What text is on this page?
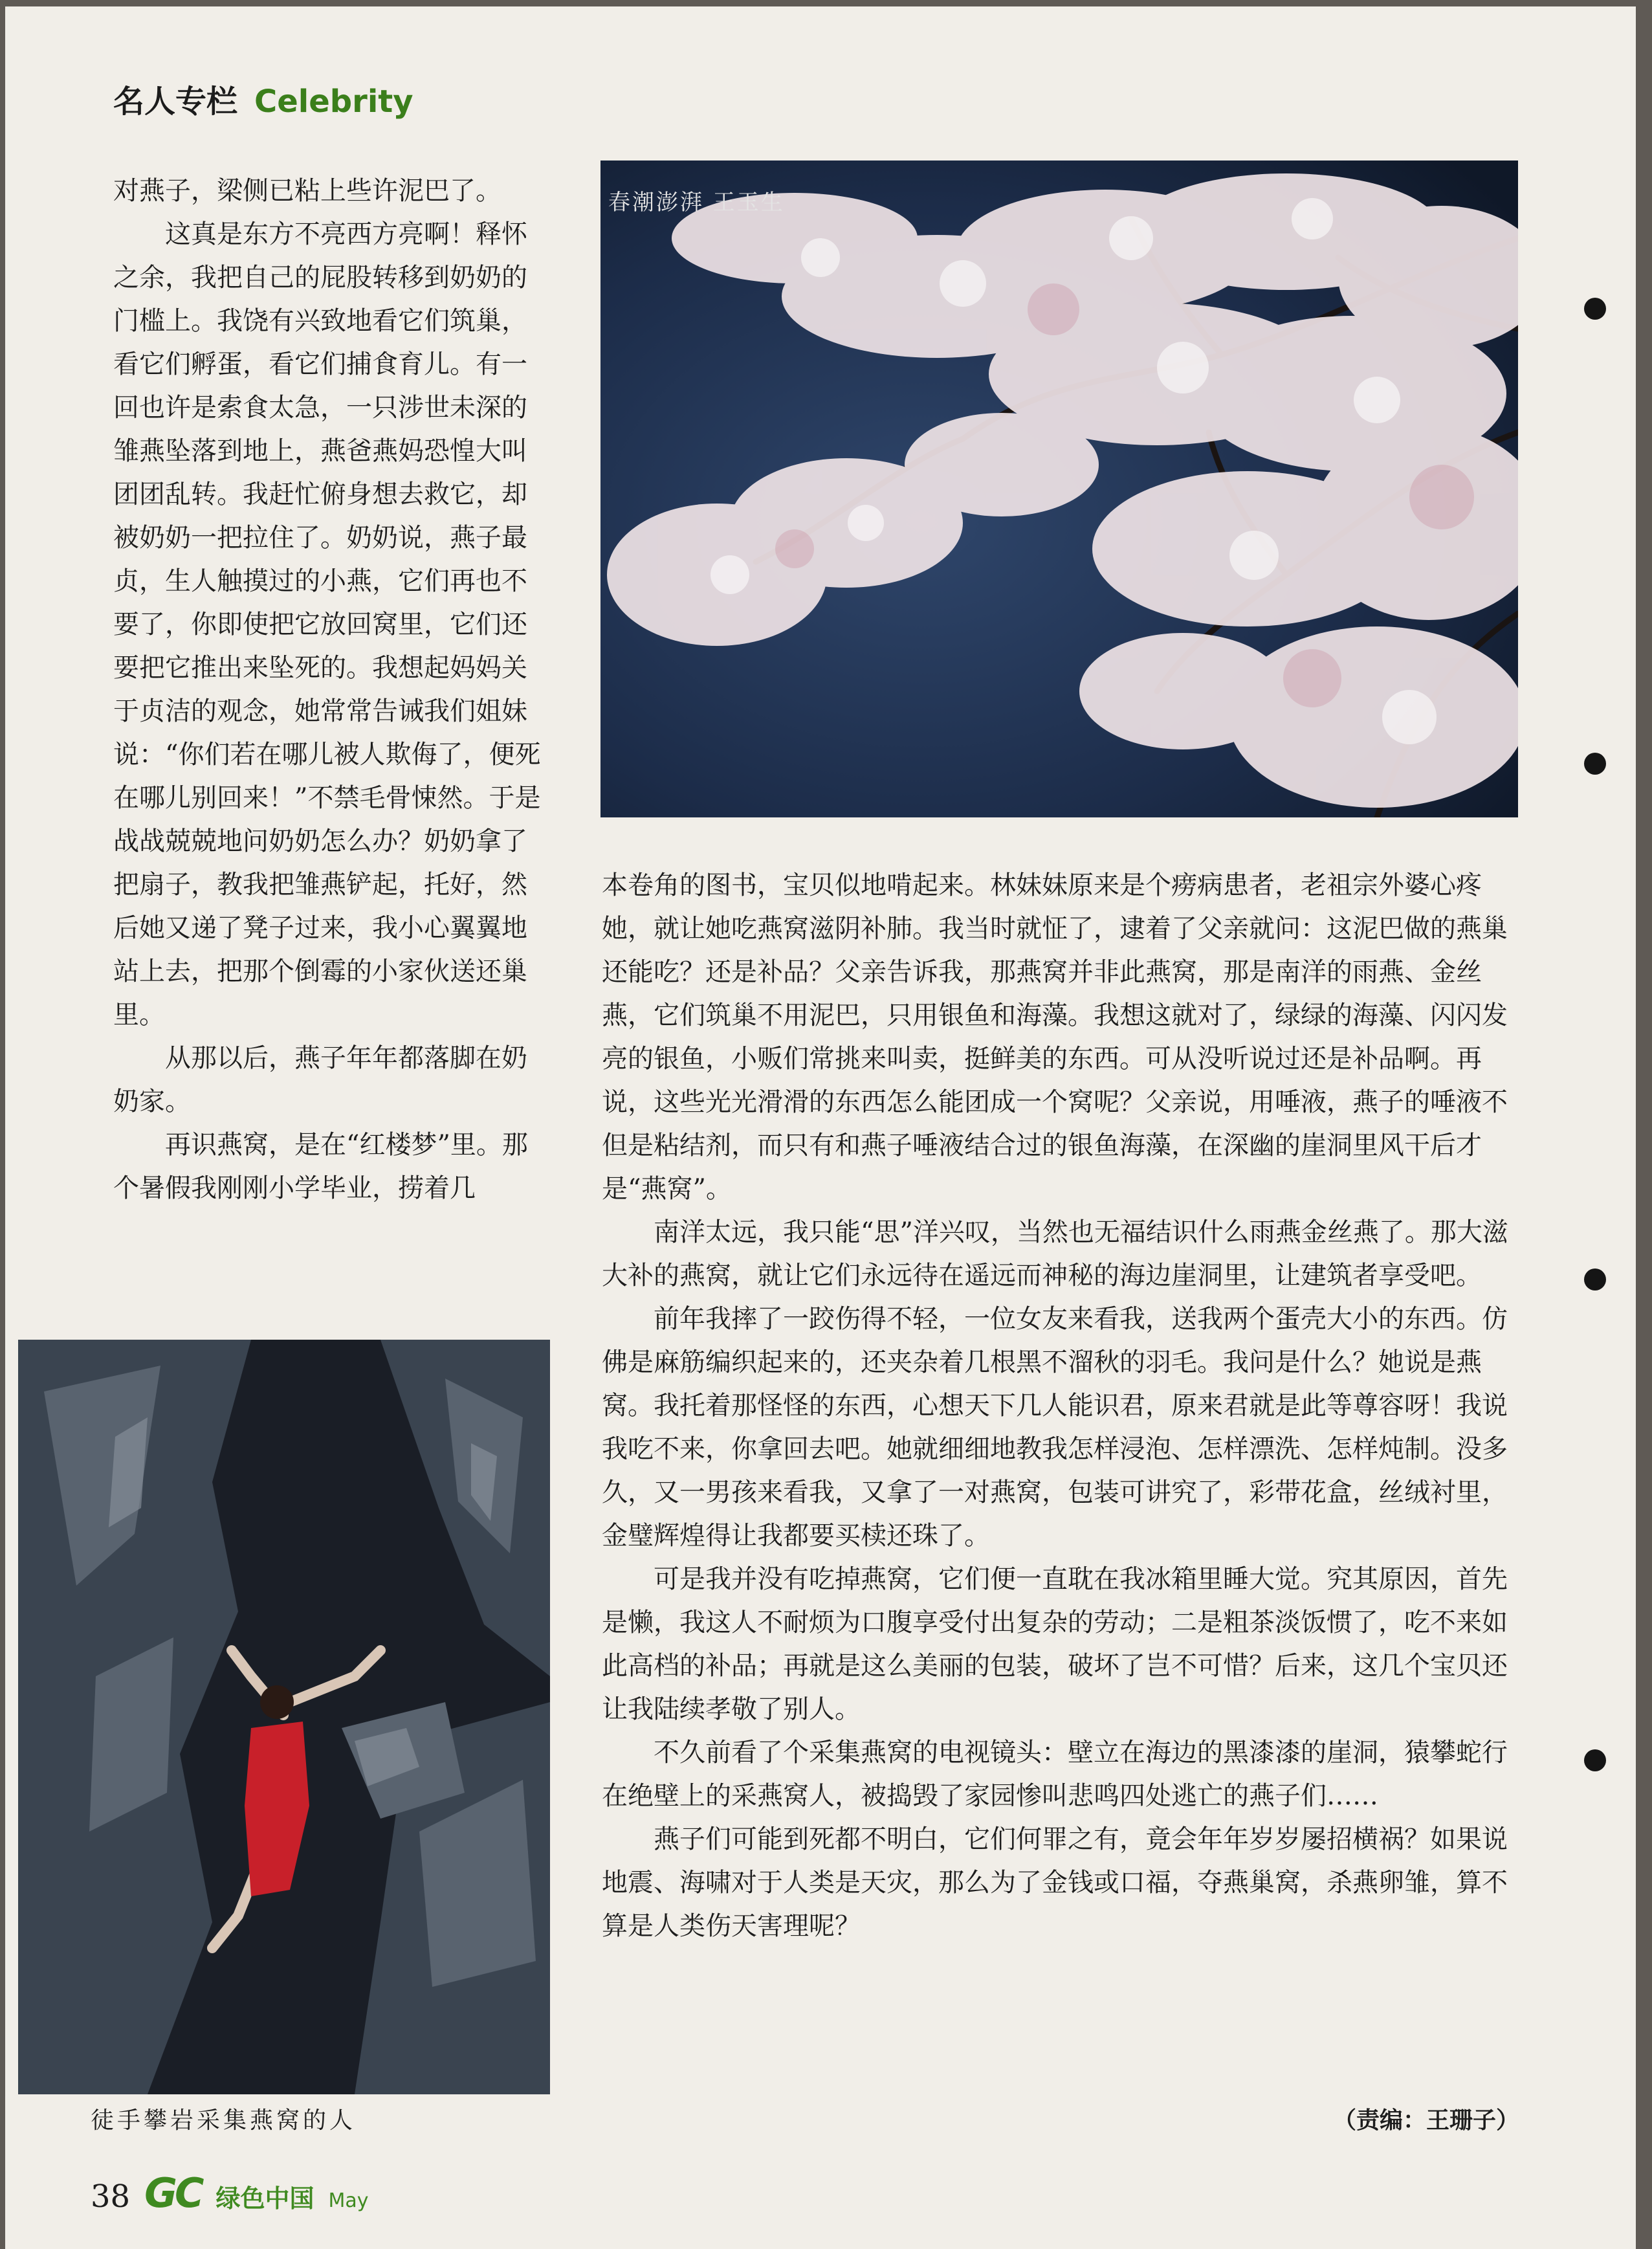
名人专栏 Celebrity
春潮澎湃 王玉生

对燕子，梁侧已粘上些许泥巴了。

这真是东方不亮西方亮啊！释怀之余，我把自己的屁股转移到奶奶的门槛上。我饶有兴致地看它们筑巢，看它们孵蛋，看它们捕食育儿。有一回也许是索食太急，一只涉世未深的雏燕坠落到地上，燕爸燕妈恐惶大叫团团乱转。我赶忙俯身想去救它，却被奶奶一把拉住了。奶奶说，燕子最贞，生人触摸过的小燕，它们再也不要了，你即使把它放回窝里，它们还要把它推出来坠死的。我想起妈妈关于贞洁的观念，她常常告诫我们姐妹说：“你们若在哪儿被人欺侮了，便死在哪儿别回来！”不禁毛骨悚然。于是战战兢兢地问奶奶怎么办？奶奶拿了把扇子，教我把雏燕铲起，托好，然后她又递了凳子过来，我小心翼翼地站上去，把那个倒霉的小家伙送还巢里。

从那以后，燕子年年都落脚在奶奶家。

再识燕窝，是在“红楼梦”里。那个暑假我刚刚小学毕业，捞着几

本卷角的图书，宝贝似地啃起来。林妹妹原来是个痨病患者，老祖宗外婆心疼她，就让她吃燕窝滋阴补肺。我当时就怔了，逮着了父亲就问：这泥巴做的燕巢还能吃？还是补品？父亲告诉我，那燕窝并非此燕窝，那是南洋的雨燕、金丝燕，它们筑巢不用泥巴，只用银鱼和海藻。我想这就对了，绿绿的海藻、闪闪发亮的银鱼，小贩们常挑来叫卖，挺鲜美的东西。可从没听说过还是补品啊。再说，这些光光滑滑的东西怎么能团成一个窝呢？父亲说，用唾液，燕子的唾液不但是粘结剂，而只有和燕子唾液结合过的银鱼海藻，在深幽的崖洞里风干后才是“燕窝”。

南洋太远，我只能“思”洋兴叹，当然也无福结识什么雨燕金丝燕了。那大滋大补的燕窝，就让它们永远待在遥远而神秘的海边崖洞里，让建筑者享受吧。

前年我摔了一跤伤得不轻，一位女友来看我，送我两个蛋壳大小的东西。仿佛是麻筋编织起来的，还夹杂着几根黑不溜秋的羽毛。我问是什么？她说是燕窝。我托着那怪怪的东西，心想天下几人能识君，原来君就是此等尊容呀！我说我吃不来，你拿回去吧。她就细细地教我怎样浸泡、怎样漂洗、怎样炖制。没多久，又一男孩来看我，又拿了一对燕窝，包装可讲究了，彩带花盒，丝绒衬里，金璧辉煌得让我都要买椟还珠了。

可是我并没有吃掉燕窝，它们便一直耽在我冰箱里睡大觉。究其原因，首先是懒，我这人不耐烦为口腹享受付出复杂的劳动；二是粗茶淡饭惯了，吃不来如此高档的补品；再就是这么美丽的包装，破坏了岂不可惜？后来，这几个宝贝还让我陆续孝敬了别人。

不久前看了个采集燕窝的电视镜头：壁立在海边的黑漆漆的崖洞，猿攀蛇行在绝壁上的采燕窝人，被捣毁了家园惨叫悲鸣四处逃亡的燕子们……

燕子们可能到死都不明白，它们何罪之有，竟会年年岁岁屡招横祸？如果说地震、海啸对于人类是天灾，那么为了金钱或口福，夺燕巢窝，杀燕卵雏，算不算是人类伤天害理呢？

徒手攀岩采集燕窝的人	（责编：王珊子）
38 GC 绿色中国 May
